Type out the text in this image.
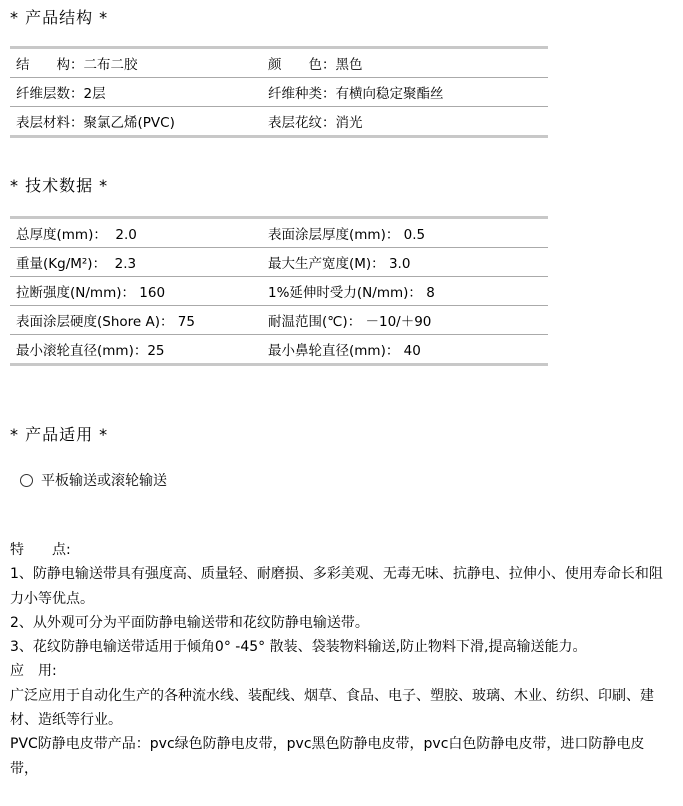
* 产品结构 *
结　　构：二布二胶	颜　　色：黑色
纤维层数：2层	纤维种类：有横向稳定聚酯丝
表层材料：聚氯乙烯(PVC)	表层花纹：消光
* 技术数据 *
总厚度(mm)：  2.0	表面涂层厚度(mm)： 0.5
重量(Kg/M²)：  2.3	最大生产宽度(M)： 3.0
拉断强度(N/mm)： 160	1%延伸时受力(N/mm)： 8
表面涂层硬度(Shore A)： 75	耐温范围(℃)： －10/＋90
最小滚轮直径(mm)：25	最小鼻轮直径(mm)： 40
* 产品适用 *
平板输送或滚轮输送

特　　点:

1、防静电输送带具有强度高、质量轻、耐磨损、多彩美观、无毒无味、抗静电、拉伸小、使用寿命长和阻力小等优点。

2、从外观可分为平面防静电输送带和花纹防静电输送带。

3、花纹防静电输送带适用于倾角0° -45° 散装、袋装物料输送,防止物料下滑,提高输送能力。

应　用:

广泛应用于自动化生产的各种流水线、装配线、烟草、食品、电子、塑胶、玻璃、木业、纺织、印刷、建材、造纸等行业。

PVC防静电皮带产品：pvc绿色防静电皮带，pvc黑色防静电皮带，pvc白色防静电皮带，进口防静电皮带，
